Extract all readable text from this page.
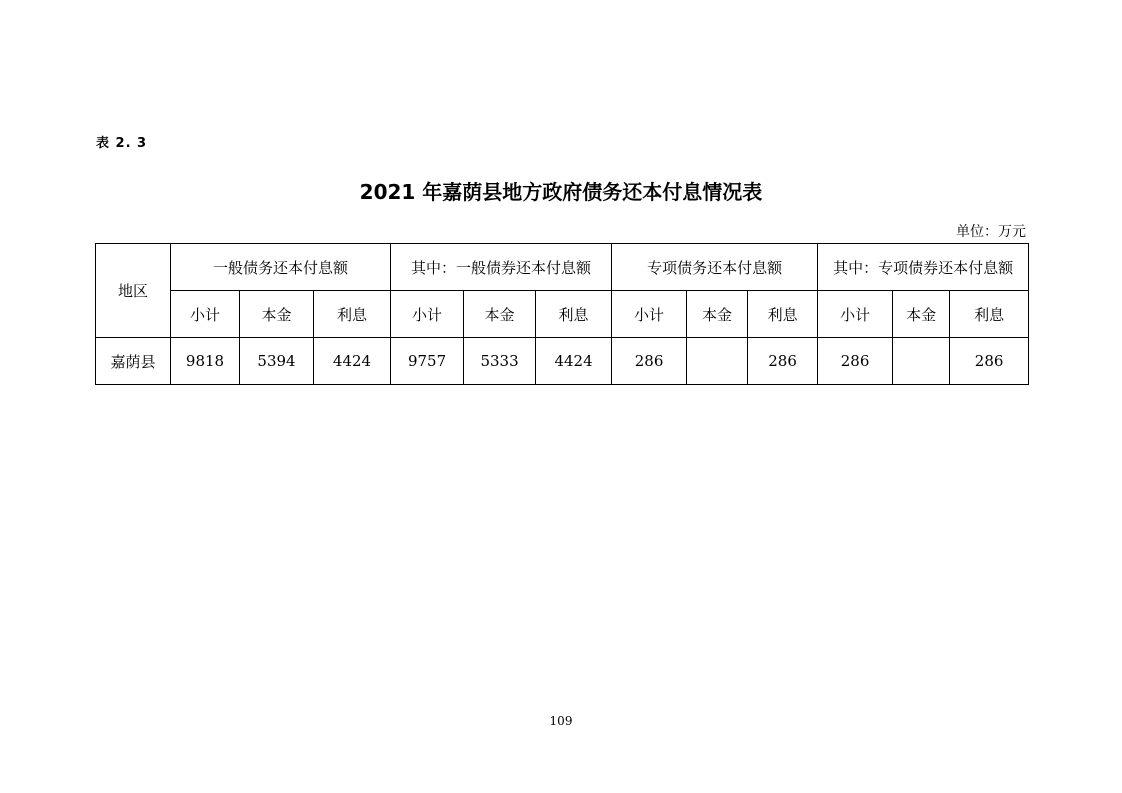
表 2. 3
2021 年嘉荫县地方政府债务还本付息情况表
单位：万元
地区	一般债务还本付息额			其中：一般债券还本付息额			专项债务还本付息额			其中：专项债券还本付息额		
	小计	本金	利息	小计	本金	利息	小计	本金	利息	小计	本金	利息
嘉荫县	9818	5394	4424	9757	5333	4424	286		286	286		286
109
